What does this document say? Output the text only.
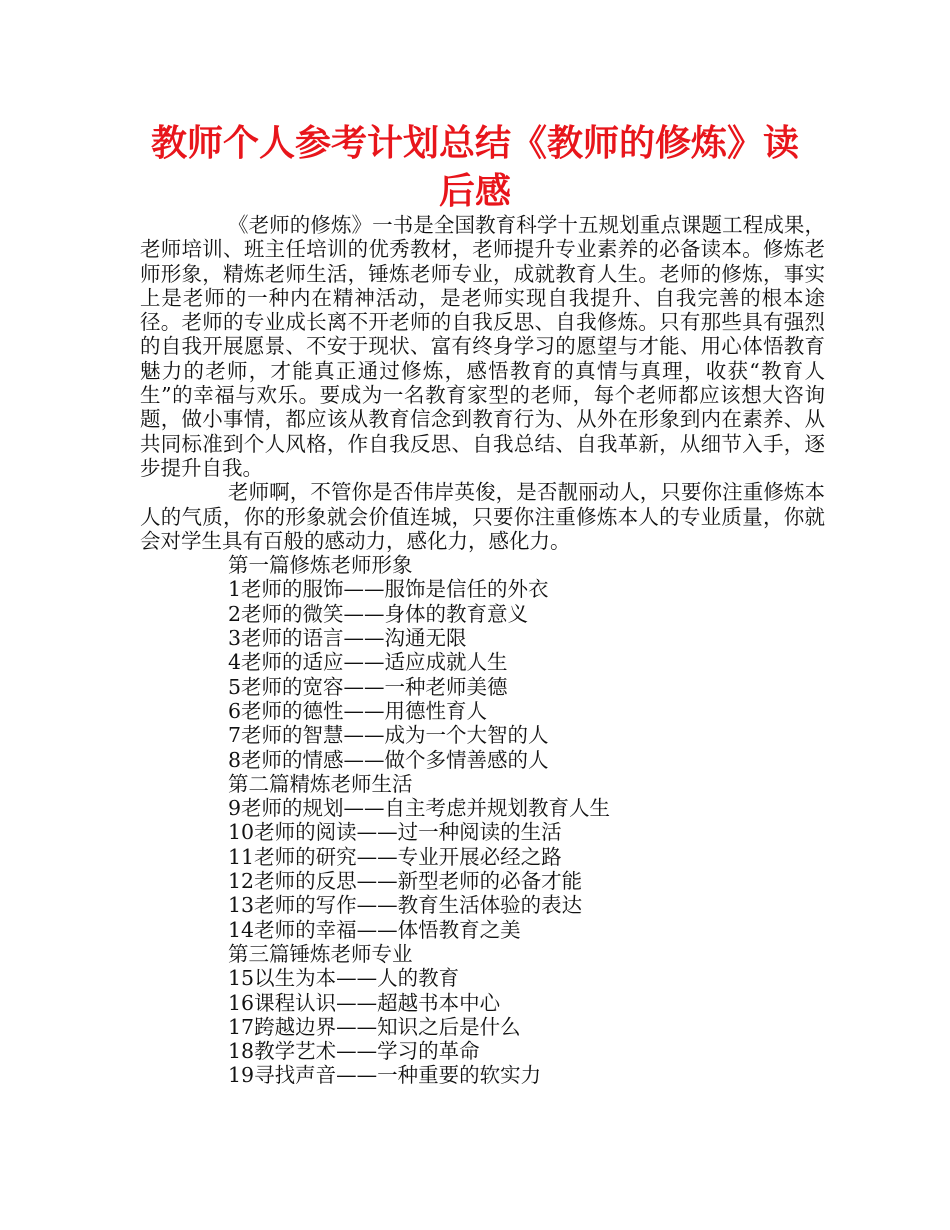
教师个人参考计划总结《教师的修炼》读后感

《老师的修炼》一书是全国教育科学十五规划重点课题工程成果，老师培训、班主任培训的优秀教材，老师提升专业素养的必备读本。修炼老师形象，精炼老师生活，锤炼老师专业，成就教育人生。老师的修炼，事实上是老师的一种内在精神活动，是老师实现自我提升、自我完善的根本途径。老师的专业成长离不开老师的自我反思、自我修炼。只有那些具有强烈的自我开展愿景、不安于现状、富有终身学习的愿望与才能、用心体悟教育魅力的老师，才能真正通过修炼，感悟教育的真情与真理，收获“教育人生”的幸福与欢乐。要成为一名教育家型的老师，每个老师都应该想大咨询题，做小事情，都应该从教育信念到教育行为、从外在形象到内在素养、从共同标准到个人风格，作自我反思、自我总结、自我革新，从细节入手，逐步提升自我。

老师啊，不管你是否伟岸英俊，是否靓丽动人，只要你注重修炼本人的气质，你的形象就会价值连城，只要你注重修炼本人的专业质量，你就会对学生具有百般的感动力，感化力，感化力。

第一篇修炼老师形象
1老师的服饰——服饰是信任的外衣
2老师的微笑——身体的教育意义
3老师的语言——沟通无限
4老师的适应——适应成就人生
5老师的宽容——一种老师美德
6老师的德性——用德性育人
7老师的智慧——成为一个大智的人
8老师的情感——做个多情善感的人
第二篇精炼老师生活
9老师的规划——自主考虑并规划教育人生
10老师的阅读——过一种阅读的生活
11老师的研究——专业开展必经之路
12老师的反思——新型老师的必备才能
13老师的写作——教育生活体验的表达
14老师的幸福——体悟教育之美
第三篇锤炼老师专业
15以生为本——人的教育
16课程认识——超越书本中心
17跨越边界——知识之后是什么
18教学艺术——学习的革命
19寻找声音——一种重要的软实力
